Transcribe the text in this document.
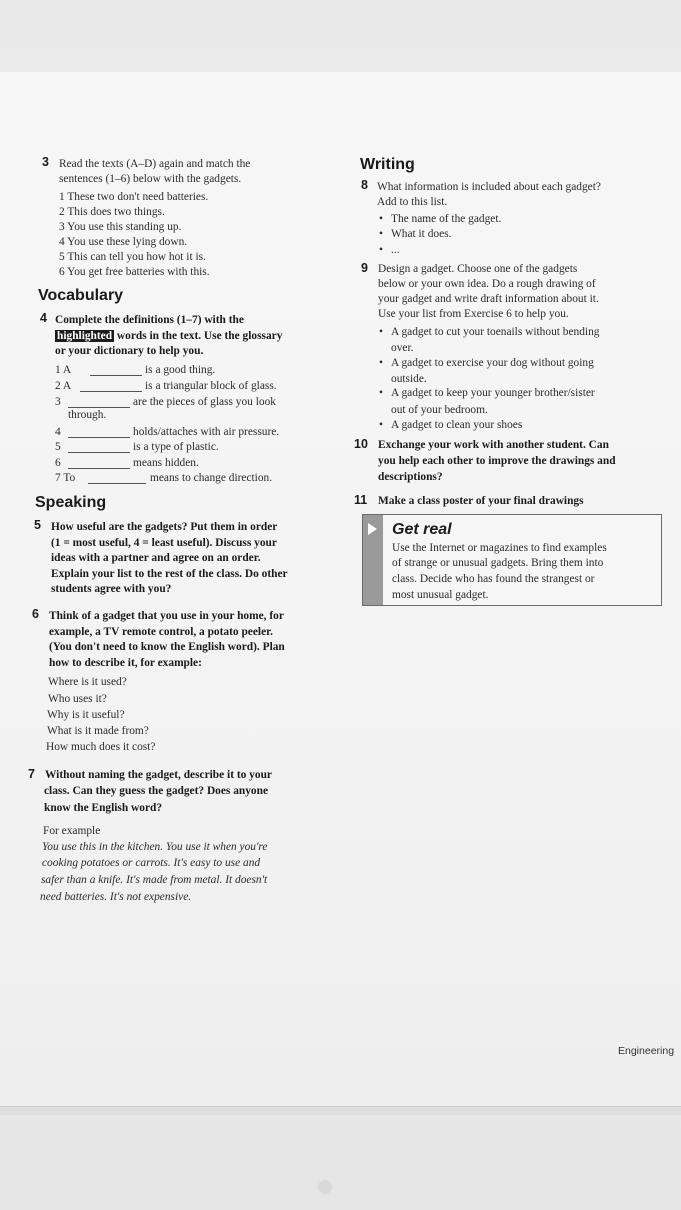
3 Read the texts (A–D) again and match the
sentences (1–6) below with the gadgets.
1 These two don't need batteries.
2 This does two things.
3 You use this standing up.
4 You use these lying down.
5 This can tell you how hot it is.
6 You get free batteries with this.
Vocabulary
4 Complete the definitions (1–7) with the
highlighted words in the text. Use the glossary
or your dictionary to help you.
1 A	is a good thing.
2 A	is a triangular block of glass.
3	are the pieces of glass you look
through.
4	holds/attaches with air pressure.
5	is a type of plastic.
6	means hidden.
7 To	means to change direction.
Speaking
5 How useful are the gadgets? Put them in order
(1 = most useful, 4 = least useful). Discuss your
ideas with a partner and agree on an order.
Explain your list to the rest of the class. Do other
students agree with you?
6 Think of a gadget that you use in your home, for
example, a TV remote control, a potato peeler.
(You don't need to know the English word). Plan
how to describe it, for example:
Where is it used?
Who uses it?
Why is it useful?
What is it made from?
How much does it cost?
7 Without naming the gadget, describe it to your
class. Can they guess the gadget? Does anyone
know the English word?
For example
You use this in the kitchen. You use it when you're
cooking potatoes or carrots. It's easy to use and
safer than a knife. It's made from metal. It doesn't
need batteries. It's not expensive.
Writing
8 What information is included about each gadget?
Add to this list.
• The name of the gadget.
• What it does.
• ...
9 Design a gadget. Choose one of the gadgets
below or your own idea. Do a rough drawing of
your gadget and write draft information about it.
Use your list from Exercise 6 to help you.
• A gadget to cut your toenails without bending
over.
• A gadget to exercise your dog without going
outside.
• A gadget to keep your younger brother/sister
out of your bedroom.
• A gadget to clean your shoes
10 Exchange your work with another student. Can
you help each other to improve the drawings and
descriptions?
11 Make a class poster of your final drawings
Get real
Use the Internet or magazines to find examples
of strange or unusual gadgets. Bring them into
class. Decide who has found the strangest or
most unusual gadget.
Engineering
